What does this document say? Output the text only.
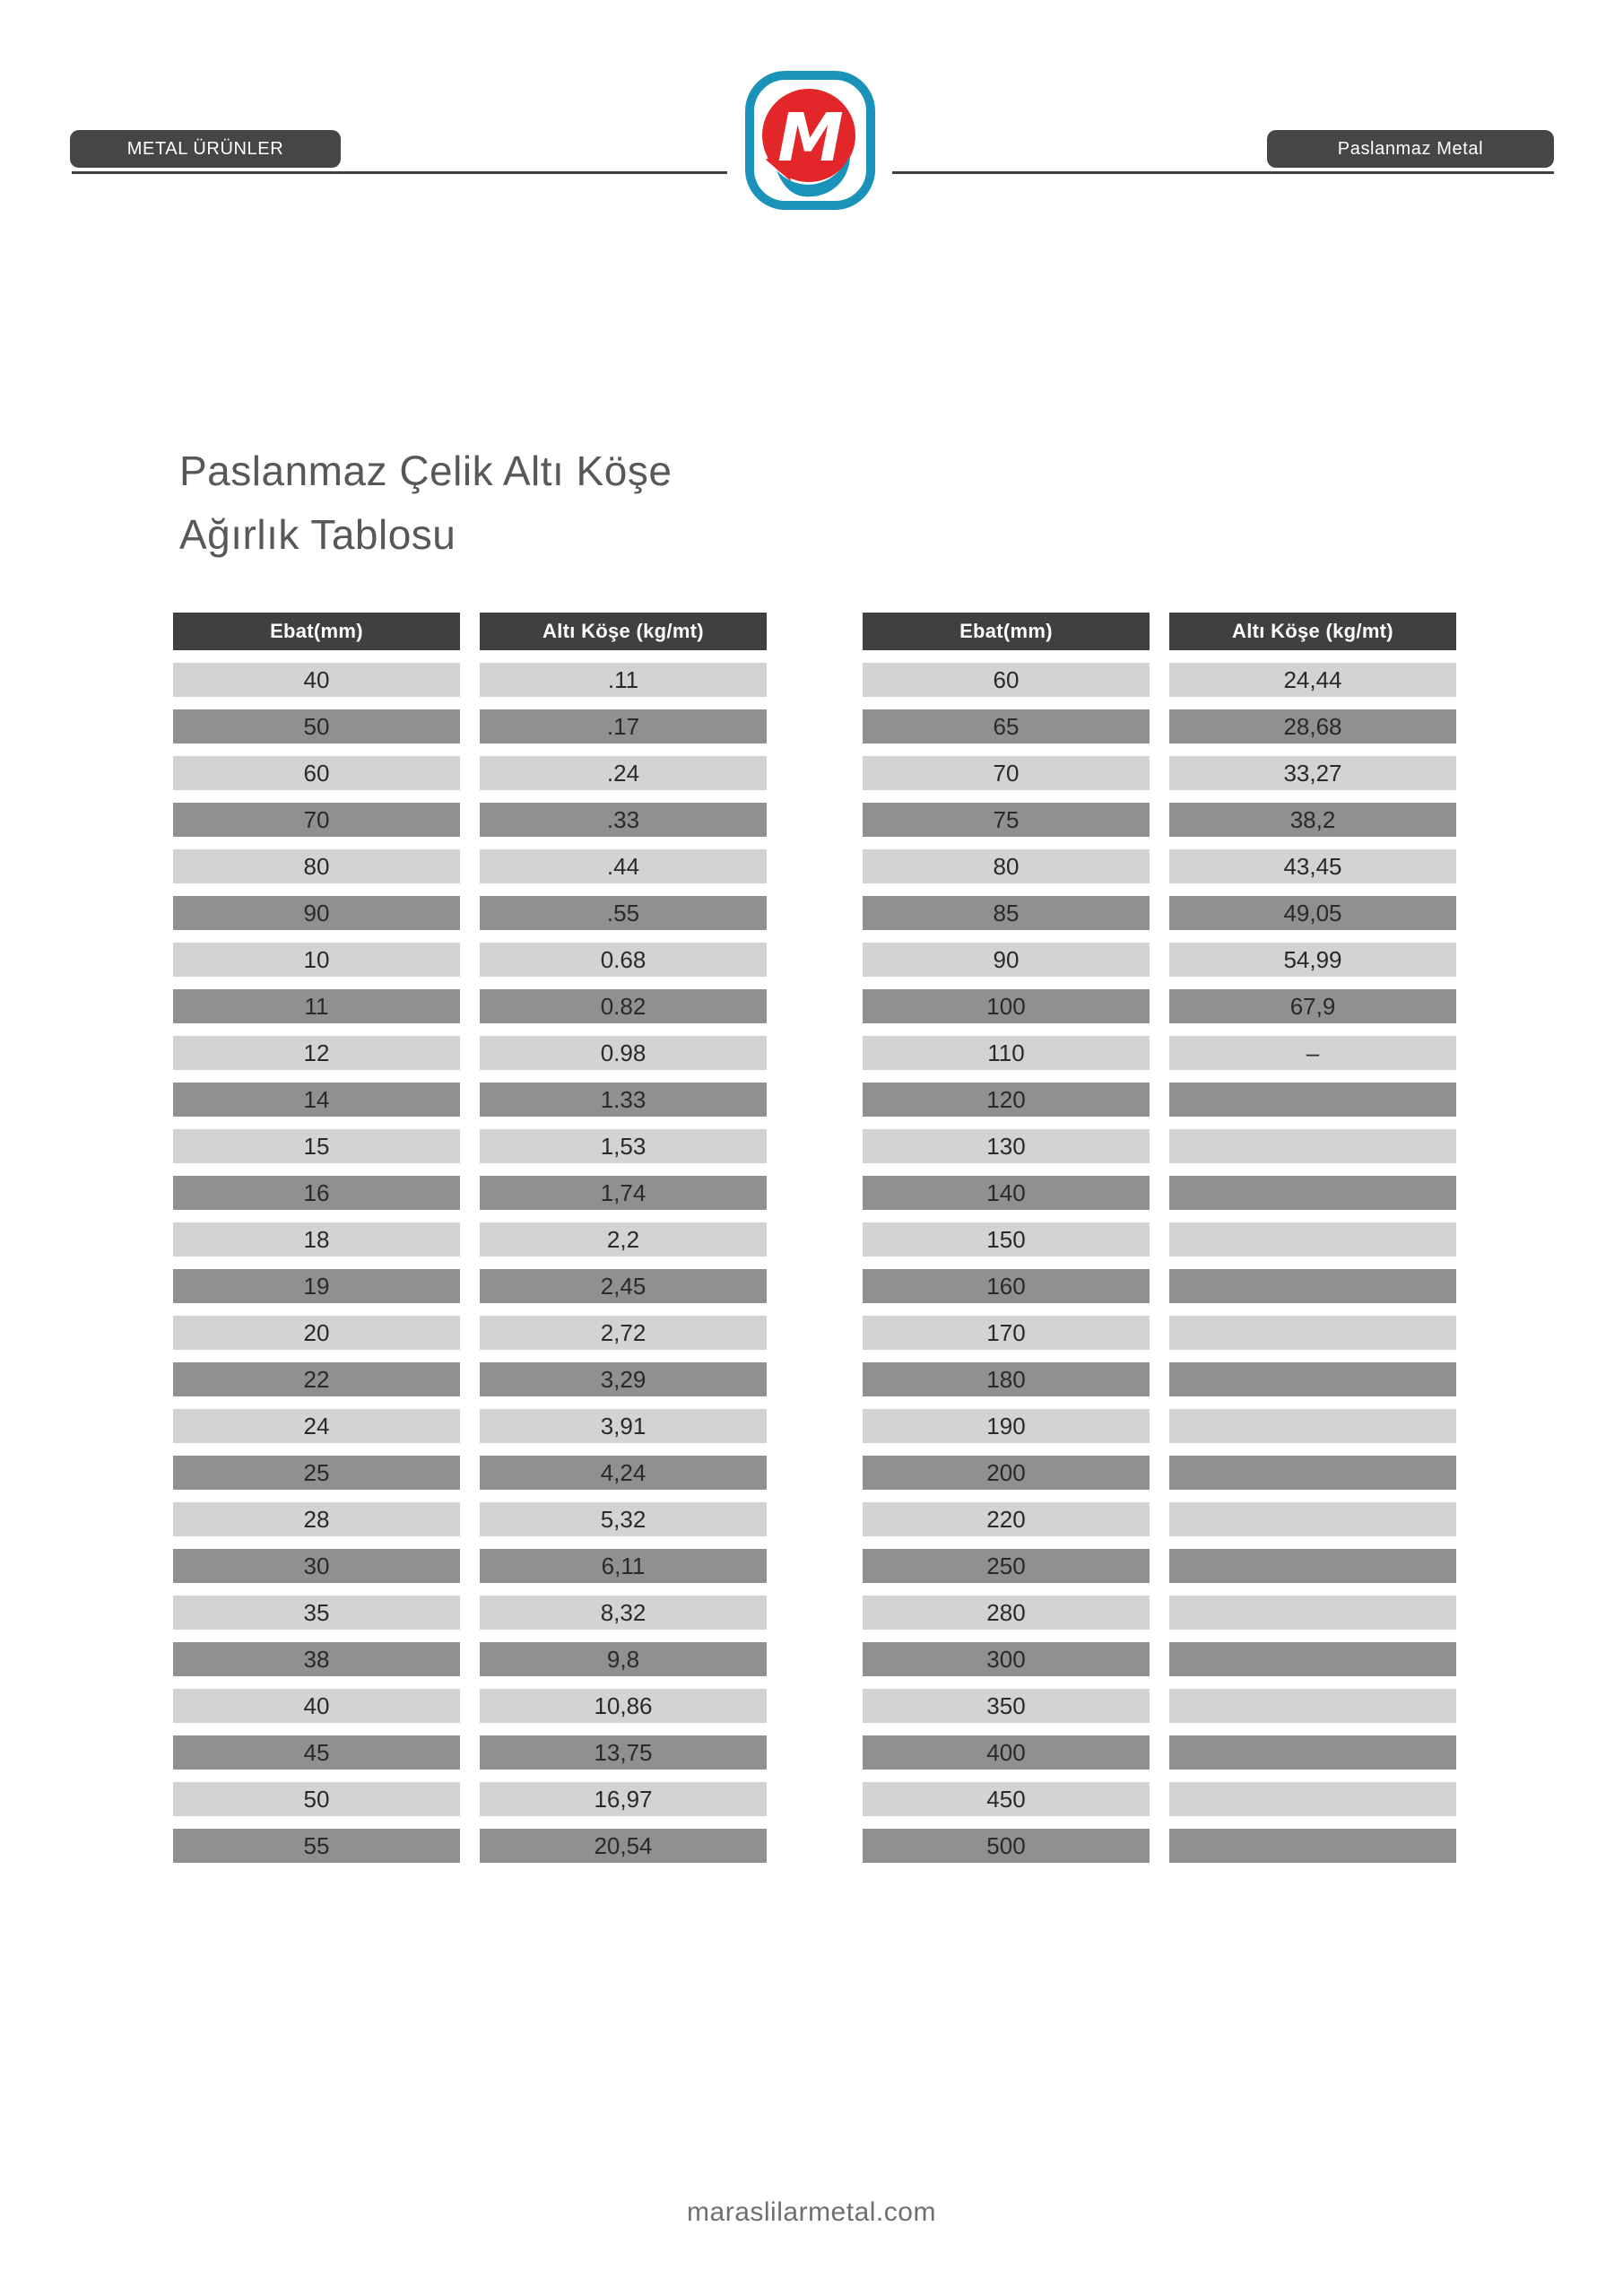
METAL ÜRÜNLER	Paslanmaz Metal
M
Paslanmaz Çelik Altı Köşe
Ağırlık Tablosu
Ebat(mm)	Altı Köşe (kg/mt)
40	.11
50	.17
60	.24
70	.33
80	.44
90	.55
10	0.68
11	0.82
12	0.98
14	1.33
15	1,53
16	1,74
18	2,2
19	2,45
20	2,72
22	3,29
24	3,91
25	4,24
28	5,32
30	6,11
35	8,32
38	9,8
40	10,86
45	13,75
50	16,97
55	20,54
Ebat(mm)	Altı Köşe (kg/mt)
60	24,44
65	28,68
70	33,27
75	38,2
80	43,45
85	49,05
90	54,99
100	67,9
110	–
120
130
140
150
160
170
180
190
200
220
250
280
300
350
400
450
500
maraslilarmetal.com
